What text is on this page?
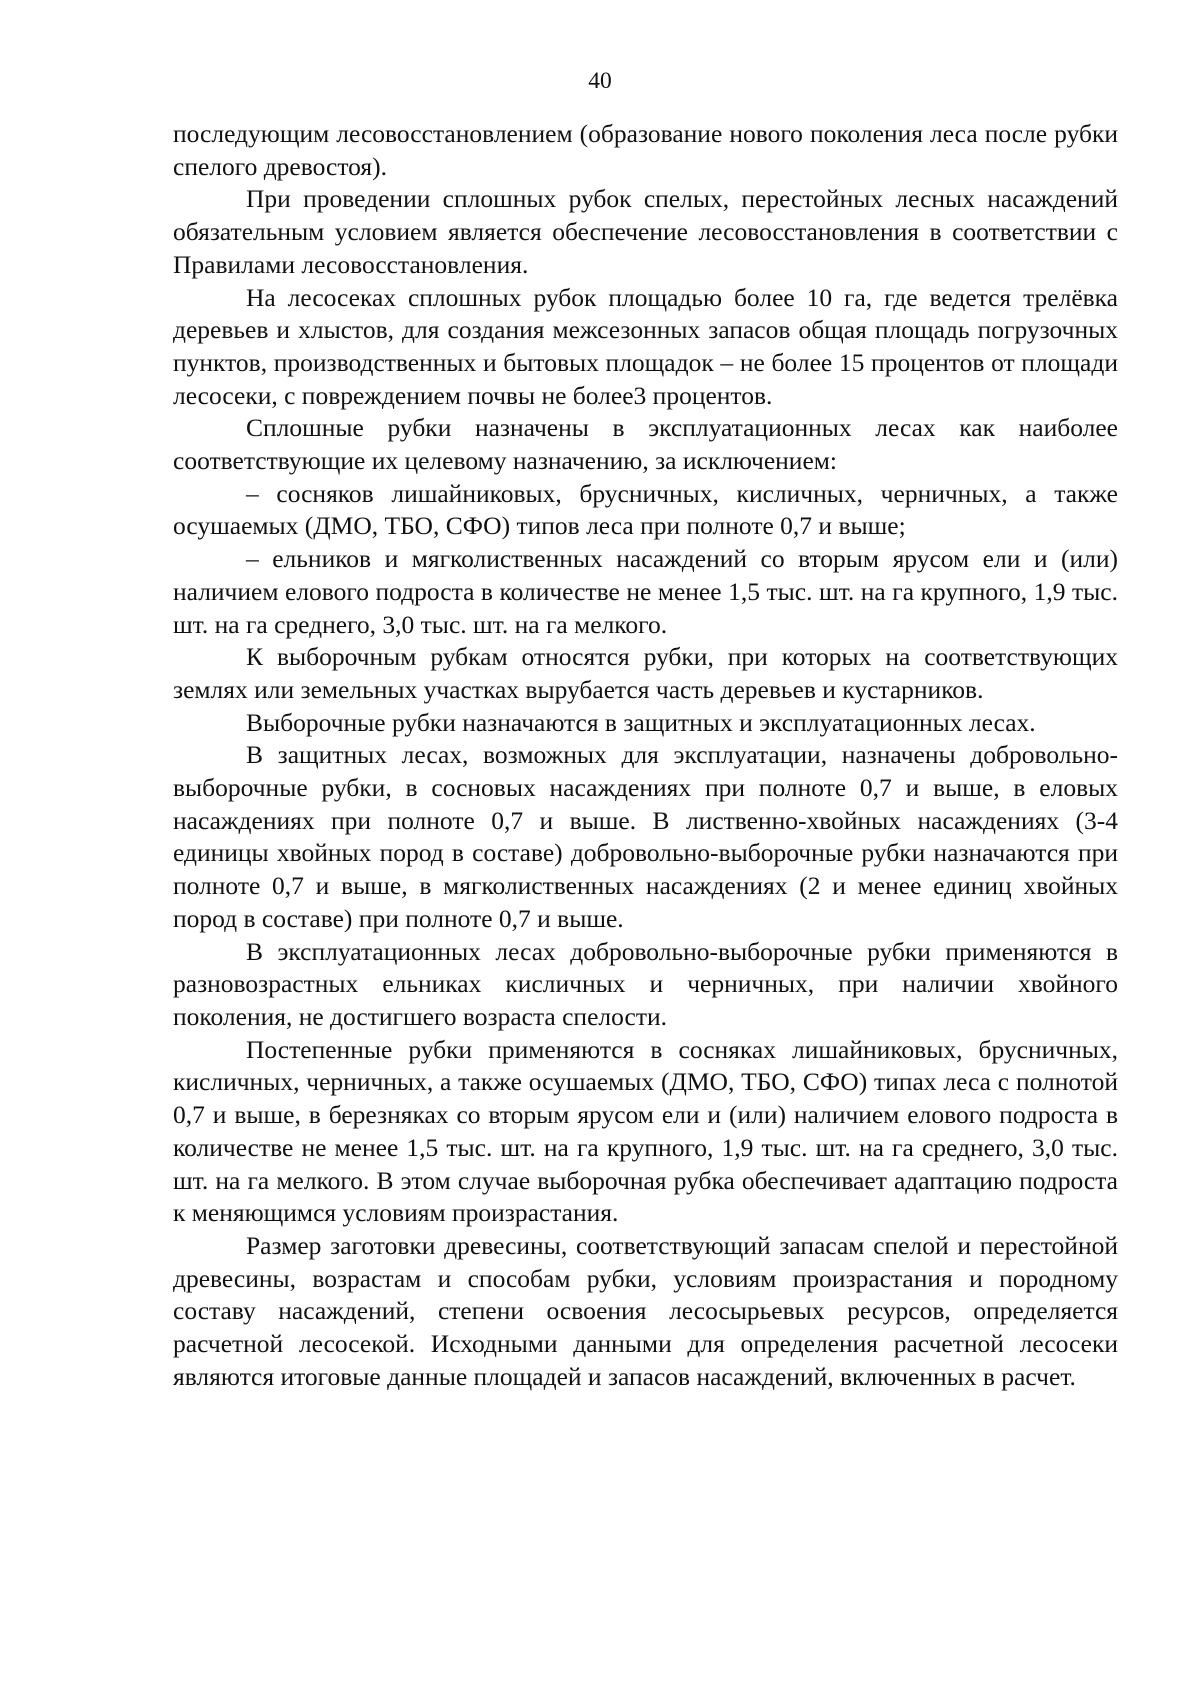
40

последующим лесовосстановлением (образование нового поколения леса после рубки спелого древостоя).

При проведении сплошных рубок спелых, перестойных лесных насаждений обязательным условием является обеспечение лесовосстановления в соответствии с Правилами лесовосстановления.

На лесосеках сплошных рубок площадью более 10 га, где ведется трелёвка деревьев и хлыстов, для создания межсезонных запасов общая площадь погрузочных пунктов, производственных и бытовых площадок – не более 15 процентов от площади лесосеки, с повреждением почвы не более3 процентов.

Сплошные рубки назначены в эксплуатационных лесах как наиболее соответствующие их целевому назначению, за исключением:

– сосняков лишайниковых, брусничных, кисличных, черничных, а также осушаемых (ДМО, ТБО, СФО) типов леса при полноте 0,7 и выше;

– ельников и мягколиственных насаждений со вторым ярусом ели и (или) наличием елового подроста в количестве не менее 1,5 тыс. шт. на га крупного, 1,9 тыс. шт. на га среднего, 3,0 тыс. шт. на га мелкого.

К выборочным рубкам относятся рубки, при которых на соответствующих землях или земельных участках вырубается часть деревьев и кустарников.

Выборочные рубки назначаются в защитных и эксплуатационных лесах.

В защитных лесах, возможных для эксплуатации, назначены добровольно-выборочные рубки, в сосновых насаждениях при полноте 0,7 и выше, в еловых насаждениях при полноте 0,7 и выше. В лиственно-хвойных насаждениях (3-4 единицы хвойных пород в составе) добровольно-выборочные рубки назначаются при полноте 0,7 и выше, в мягколиственных насаждениях (2 и менее единиц хвойных пород в составе) при полноте 0,7 и выше.

В эксплуатационных лесах добровольно-выборочные рубки применяются в разновозрастных ельниках кисличных и черничных, при наличии хвойного поколения, не достигшего возраста спелости.

Постепенные рубки применяются в сосняках лишайниковых, брусничных, кисличных, черничных, а также осушаемых (ДМО, ТБО, СФО) типах леса с полнотой 0,7 и выше, в березняках со вторым ярусом ели и (или) наличием елового подроста в количестве не менее 1,5 тыс. шт. на га крупного, 1,9 тыс. шт. на га среднего, 3,0 тыс. шт. на га мелкого. В этом случае выборочная рубка обеспечивает адаптацию подроста к меняющимся условиям произрастания.

Размер заготовки древесины, соответствующий запасам спелой и перестойной древесины, возрастам и способам рубки, условиям произрастания и породному составу насаждений, степени освоения лесосырьевых ресурсов, определяется расчетной лесосекой. Исходными данными для определения расчетной лесосеки являются итоговые данные площадей и запасов насаждений, включенных в расчет.
